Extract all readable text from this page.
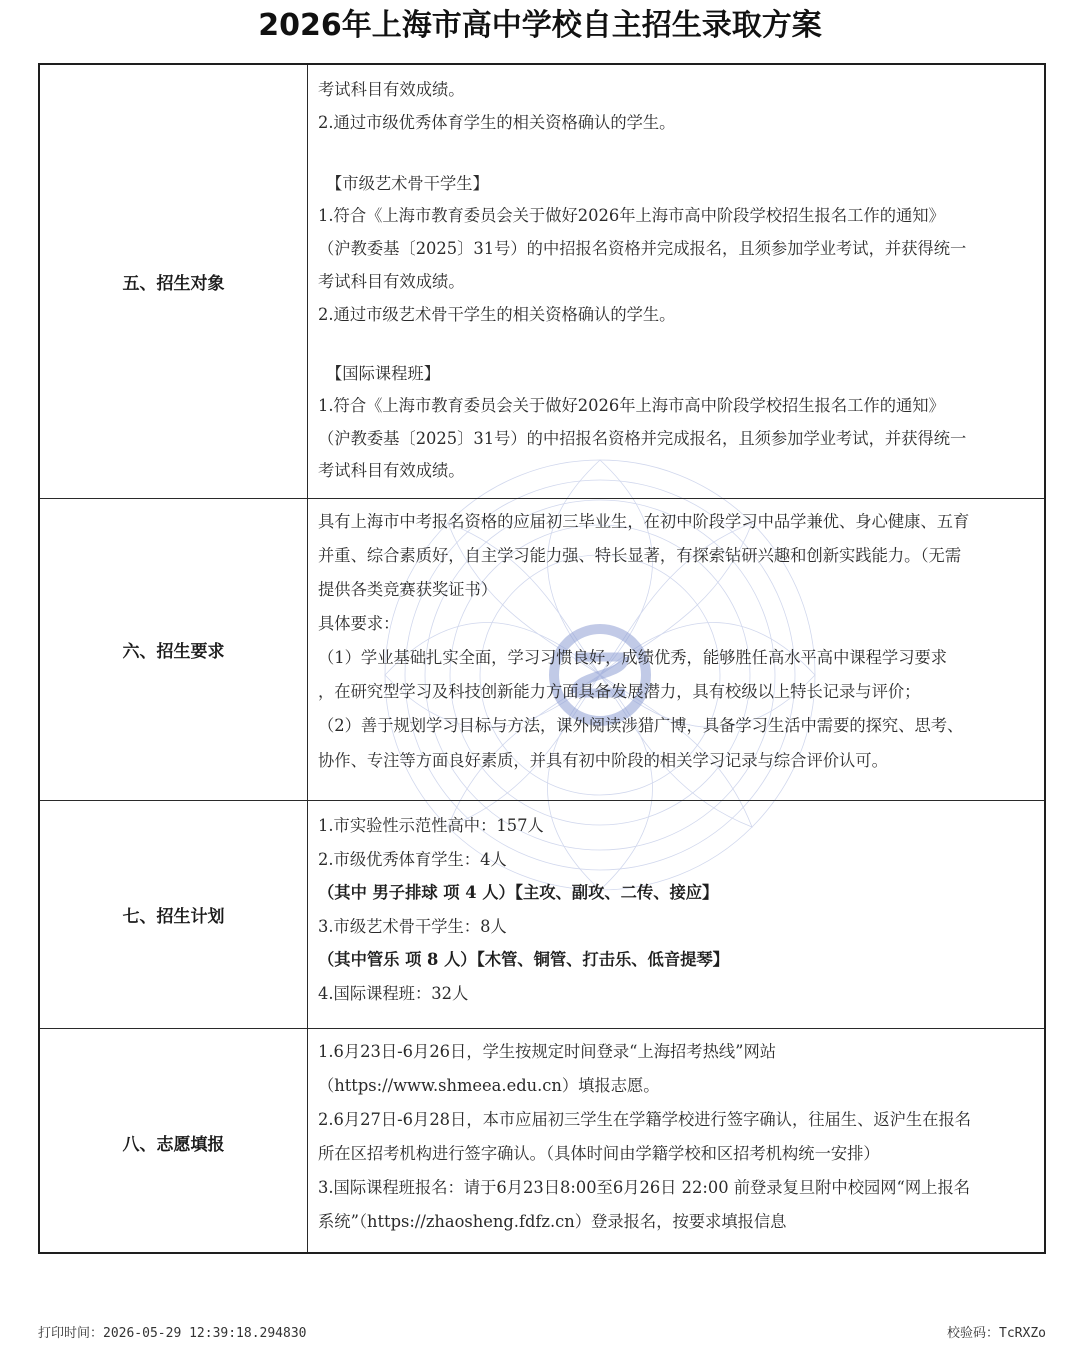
2026年上海市高中学校自主招生录取方案
五、招生对象
考试科目有效成绩。
2.通过市级优秀体育学生的相关资格确认的学生。
【市级艺术骨干学生】
1.符合《上海市教育委员会关于做好2026年上海市高中阶段学校招生报名工作的通知》
（沪教委基〔2025〕31号）的中招报名资格并完成报名，且须参加学业考试，并获得统一
考试科目有效成绩。
2.通过市级艺术骨干学生的相关资格确认的学生。
【国际课程班】
1.符合《上海市教育委员会关于做好2026年上海市高中阶段学校招生报名工作的通知》
（沪教委基〔2025〕31号）的中招报名资格并完成报名，且须参加学业考试，并获得统一
考试科目有效成绩。
六、招生要求
具有上海市中考报名资格的应届初三毕业生，在初中阶段学习中品学兼优、身心健康、五育
并重、综合素质好，自主学习能力强、特长显著，有探索钻研兴趣和创新实践能力。（无需
提供各类竞赛获奖证书）
具体要求：
（1）学业基础扎实全面，学习习惯良好，成绩优秀，能够胜任高水平高中课程学习要求
，在研究型学习及科技创新能力方面具备发展潜力，具有校级以上特长记录与评价；
（2）善于规划学习目标与方法，课外阅读涉猎广博，具备学习生活中需要的探究、思考、
协作、专注等方面良好素质，并具有初中阶段的相关学习记录与综合评价认可。
七、招生计划
1.市实验性示范性高中：157人
2.市级优秀体育学生：4人
（其中 男子排球 项 4 人）【主攻、副攻、二传、接应】
3.市级艺术骨干学生：8人
（其中管乐 项 8 人）【木管、铜管、打击乐、低音提琴】
4.国际课程班：32人
八、志愿填报
1.6月23日-6月26日，学生按规定时间登录“上海招考热线”网站
（https://www.shmeea.edu.cn）填报志愿。
2.6月27日-6月28日，本市应届初三学生在学籍学校进行签字确认，往届生、返沪生在报名
所在区招考机构进行签字确认。（具体时间由学籍学校和区招考机构统一安排）
3.国际课程班报名：请于6月23日8:00至6月26日 22:00 前登录复旦附中校园网“网上报名
系统”（https://zhaosheng.fdfz.cn）登录报名，按要求填报信息
打印时间：2026-05-29 12:39:18.294830	校验码：TcRXZo
